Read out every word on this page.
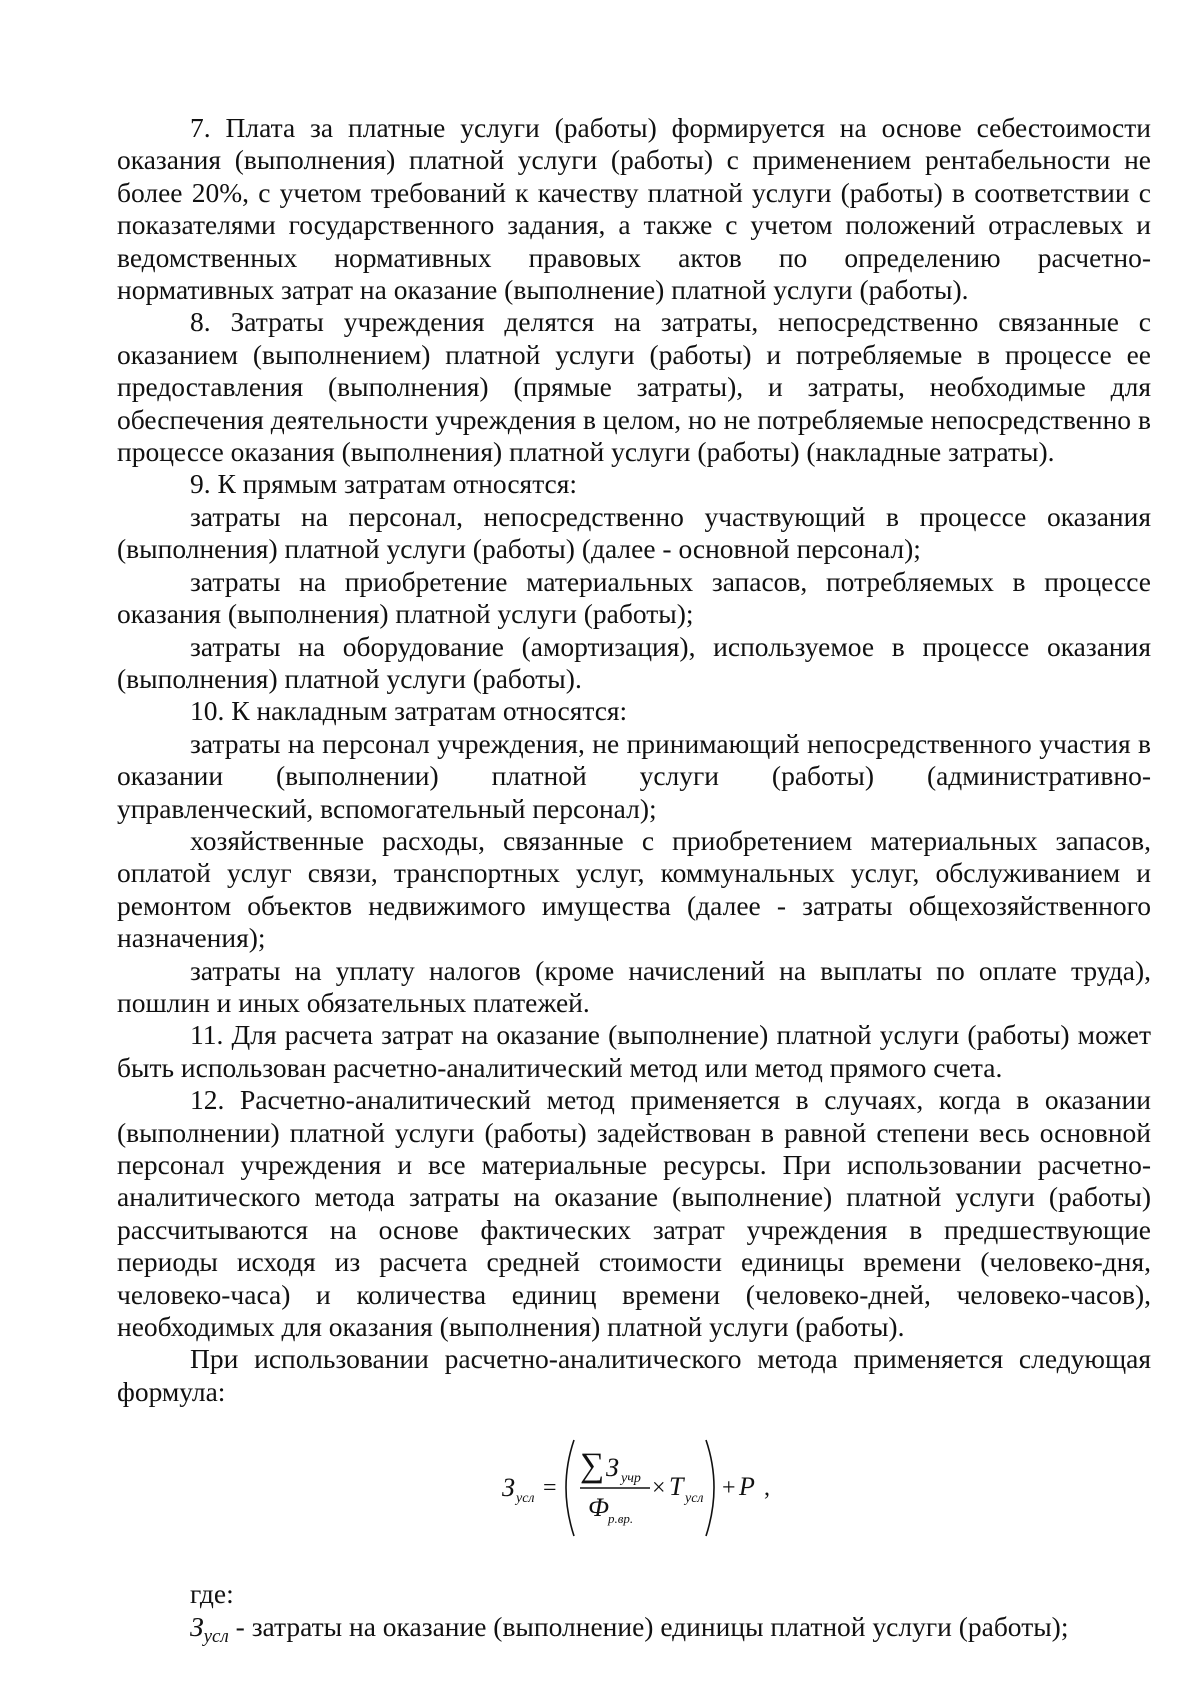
7. Плата за платные услуги (работы) формируется на основе себестоимости оказания (выполнения) платной услуги (работы) с применением рентабельности не более 20%, с учетом требований к качеству платной услуги (работы) в соответствии с показателями государственного задания, а также с учетом положений отраслевых и ведомственных нормативных правовых актов по определению расчетно-

нормативных затрат на оказание (выполнение) платной услуги (работы).

8. Затраты учреждения делятся на затраты, непосредственно связанные с оказанием (выполнением) платной услуги (работы) и потребляемые в процессе ее предоставления (выполнения) (прямые затраты), и затраты, необходимые для обеспечения деятельности учреждения в целом, но не потребляемые непосредственно в процессе оказания (выполнения) платной услуги (работы) (накладные затраты).

9. К прямым затратам относятся:

затраты на персонал, непосредственно участвующий в процессе оказания (выполнения) платной услуги (работы) (далее - основной персонал);

затраты на приобретение материальных запасов, потребляемых в процессе оказания (выполнения) платной услуги (работы);

затраты на оборудование (амортизация), используемое в процессе оказания (выполнения) платной услуги (работы).

10. К накладным затратам относятся:

затраты на персонал учреждения, не принимающий непосредственного участия в оказании (выполнении) платной услуги (работы) (административно-

управленческий, вспомогательный персонал);

хозяйственные расходы, связанные с приобретением материальных запасов, оплатой услуг связи, транспортных услуг, коммунальных услуг, обслуживанием и ремонтом объектов недвижимого имущества (далее - затраты общехозяйственного назначения);

затраты на уплату налогов (кроме начислений на выплаты по оплате труда), пошлин и иных обязательных платежей.

11. Для расчета затрат на оказание (выполнение) платной услуги (работы) может быть использован расчетно-аналитический метод или метод прямого счета.

12. Расчетно-аналитический метод применяется в случаях, когда в оказании (выполнении) платной услуги (работы) задействован в равной степени весь основной персонал учреждения и все материальные ресурсы. При использовании расчетно-аналитического метода затраты на оказание (выполнение) платной услуги (работы) рассчитываются на основе фактических затрат учреждения в предшествующие периоды исходя из расчета средней стоимости единицы времени (человеко-дня, человеко-часа) и количества единиц времени (человеко-дней, человеко-часов),

необходимых для оказания (выполнения) платной услуги (работы).

При использовании расчетно-аналитического метода применяется следующая формула:

З усл =
∑ З учр
Ф р.вр.
× Т усл + Р ,

где:

$З_{усл}$ - затраты на оказание (выполнение) единицы платной услуги (работы);
